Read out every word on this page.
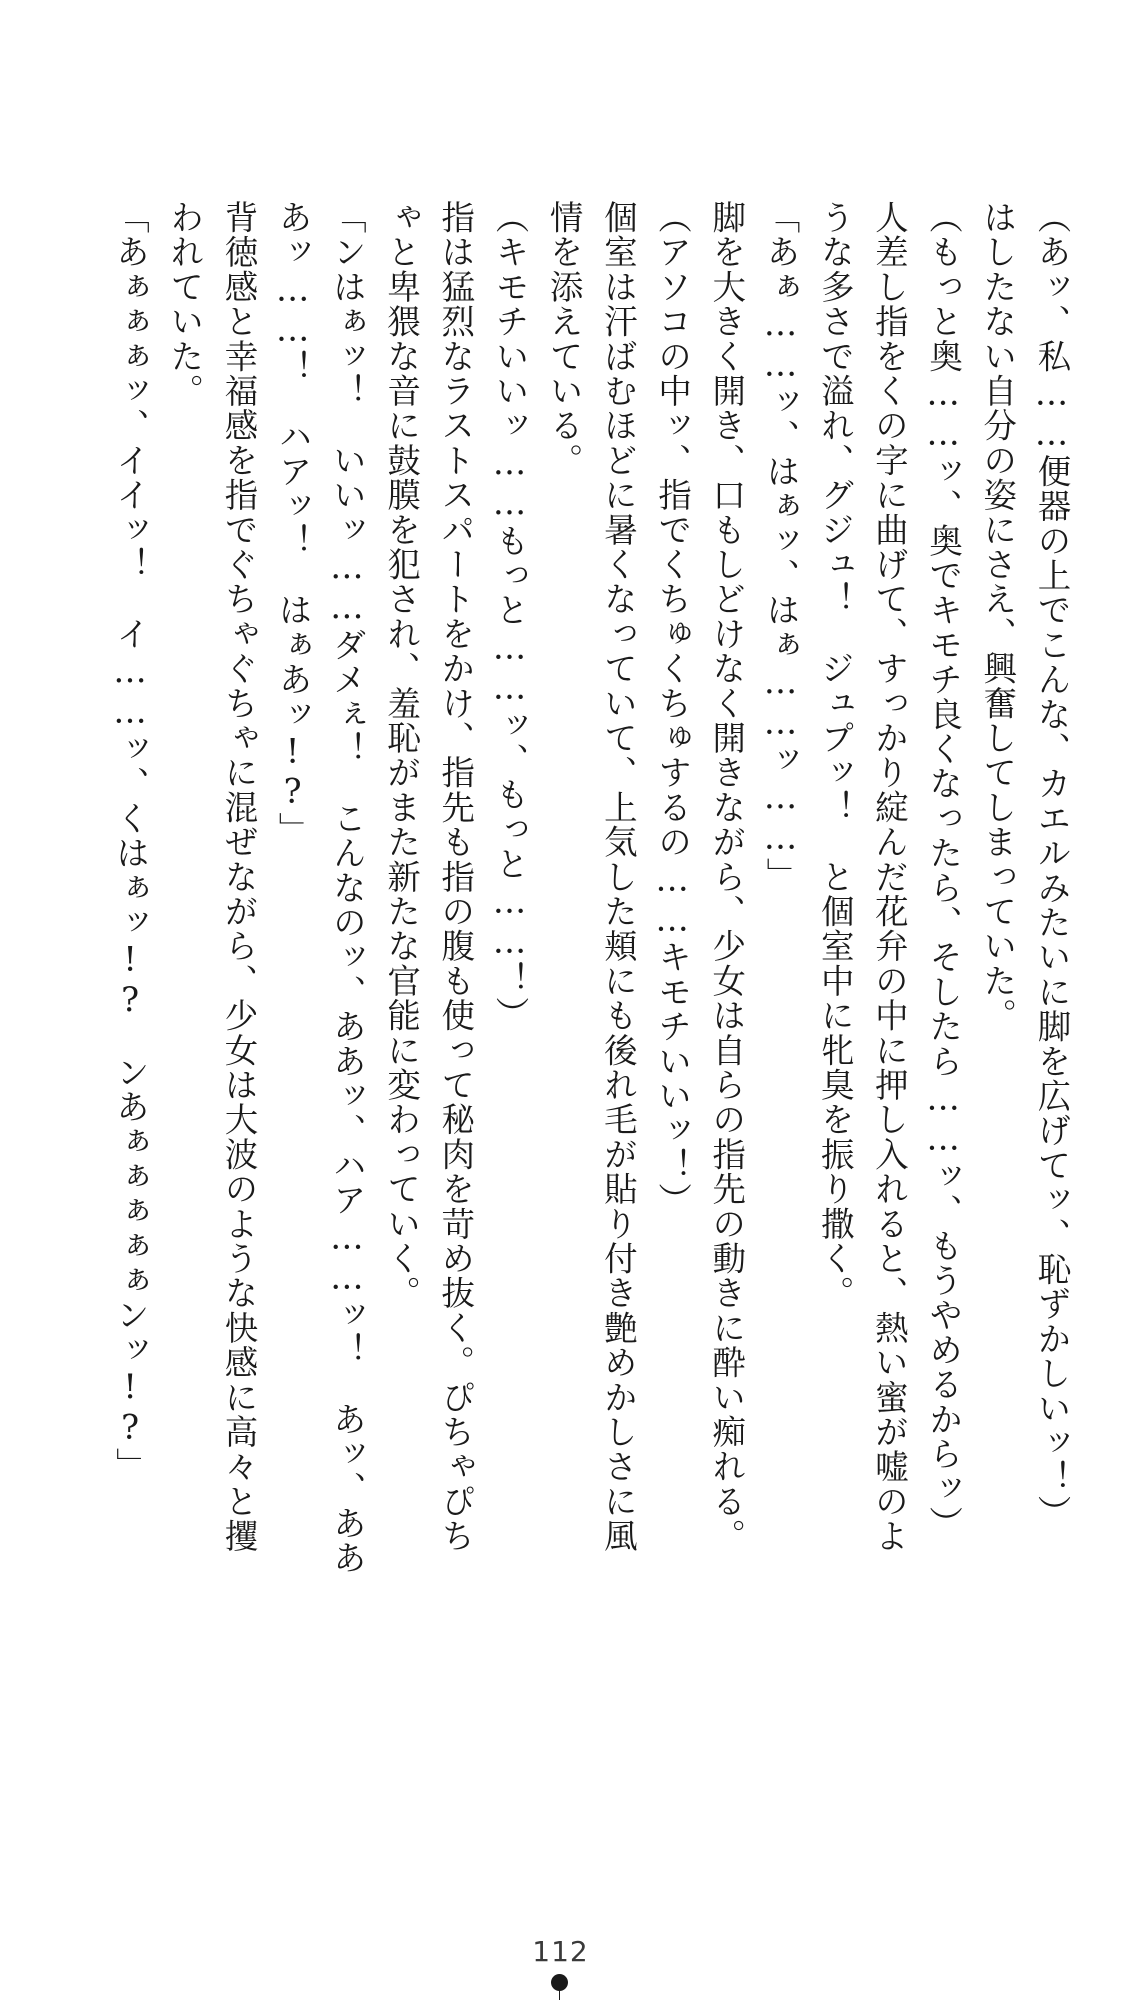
（あッ、私……便器の上でこんな、カエルみたいに脚を広げてッ、恥ずかしいッ！）
はしたない自分の姿にさえ、興奮してしまっていた。
（もっと奥……ッ、奥でキモチ良くなったら、そしたら……ッ、もうやめるからッ）
人差し指をくの字に曲げて、すっかり綻んだ花弁の中に押し入れると、熱い蜜が嘘のよ
うな多さで溢れ、グジュ！　ジュプッ！　と個室中に牝臭を振り撒く。
「あぁ……ッ、はぁッ、はぁ……ッ……」
脚を大きく開き、口もしどけなく開きながら、少女は自らの指先の動きに酔い痴れる。
（アソコの中ッ、指でくちゅくちゅするの……キモチいいッ！）
個室は汗ばむほどに暑くなっていて、上気した頬にも後れ毛が貼り付き艶めかしさに風
情を添えている。
（キモチいいッ……もっと……ッ、もっと……！）
指は猛烈なラストスパートをかけ、指先も指の腹も使って秘肉を苛め抜く。ぴちゃぴち
ゃと卑猥な音に鼓膜を犯され、羞恥がまた新たな官能に変わっていく。
「ンはぁッ！　いいッ……ダメぇ！　こんなのッ、ああッ、ハア……ッ！　あッ、ああ
あッ……！　ハアッ！　はぁあッ!?」
背徳感と幸福感を指でぐちゃぐちゃに混ぜながら、少女は大波のような快感に高々と攫
われていた。
「あぁぁぁッ、イイッ！　イ……ッ、くはぁッ!?　ンあぁぁぁぁぁンッ!?」
112
